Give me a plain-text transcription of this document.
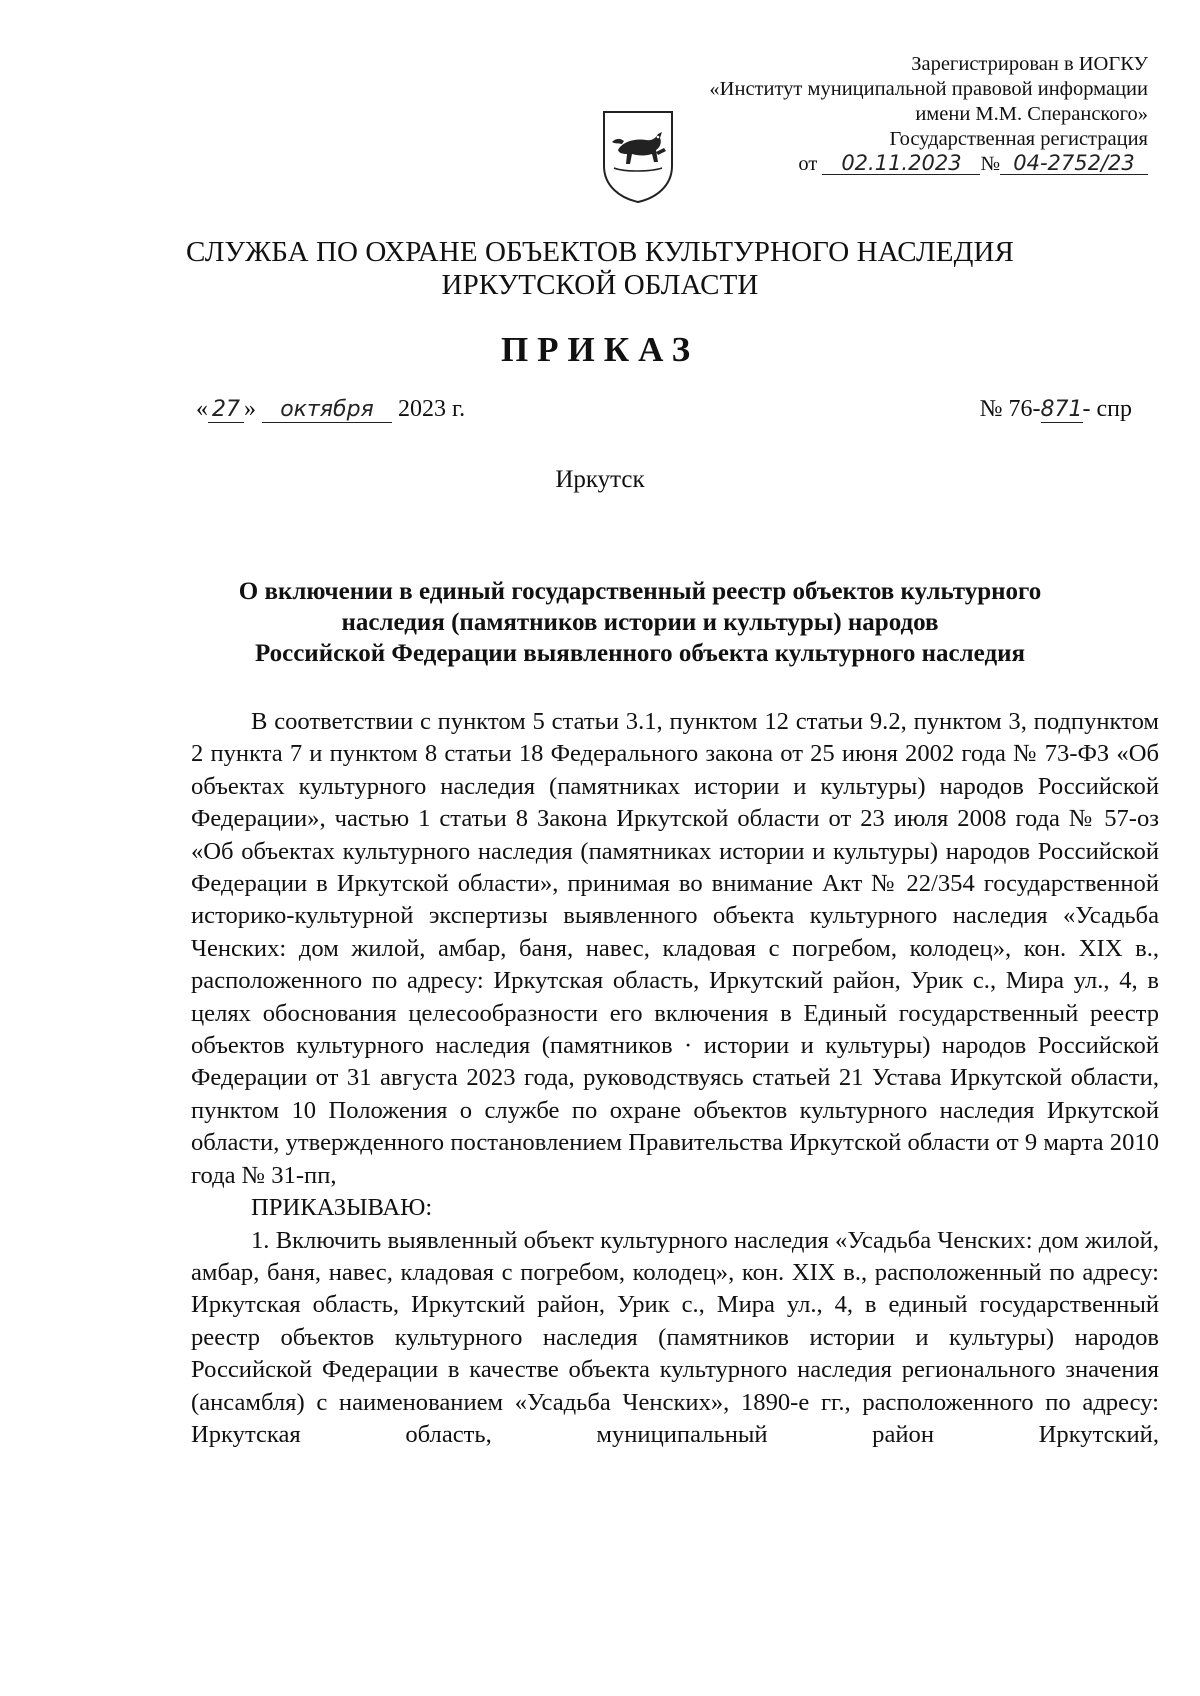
Зарегистрирован в ИОГКУ
«Институт муниципальной правовой информации
имени М.М. Сперанского»
Государственная регистрация
от 02.11.2023 № 04-2752/23
СЛУЖБА ПО ОХРАНЕ ОБЪЕКТОВ КУЛЬТУРНОГО НАСЛЕДИЯ
ИРКУТСКОЙ ОБЛАСТИ
ПРИКАЗ
« 27 » октября 2023 г.	№ 76-871- спр
Иркутск
О включении в единый государственный реестр объектов культурного
наследия (памятников истории и культуры) народов
Российской Федерации выявленного объекта культурного наследия

В соответствии с пунктом 5 статьи 3.1, пунктом 12 статьи 9.2, пунктом 3, подпунктом 2 пункта 7 и пунктом 8 статьи 18 Федерального закона от 25 июня 2002 года № 73-ФЗ «Об объектах культурного наследия (памятниках истории и культуры) народов Российской Федерации», частью 1 статьи 8 Закона Иркутской области от 23 июля 2008 года № 57-оз «Об объектах культурного наследия (памятниках истории и культуры) народов Российской Федерации в Иркутской области», принимая во внимание Акт № 22/354 государственной историко-культурной экспертизы выявленного объекта культурного наследия «Усадьба Ченских: дом жилой, амбар, баня, навес, кладовая с погребом, колодец», кон. XIX в., расположенного по адресу: Иркутская область, Иркутский район, Урик с., Мира ул., 4, в целях обоснования целесообразности его включения в Единый государственный реестр объектов культурного наследия (памятников · истории и культуры) народов Российской Федерации от 31 августа 2023 года, руководствуясь статьей 21 Устава Иркутской области, пунктом 10 Положения о службе по охране объектов культурного наследия Иркутской области, утвержденного постановлением Правительства Иркутской области от 9 марта 2010 года № 31-пп,

ПРИКАЗЫВАЮ:

1. Включить выявленный объект культурного наследия «Усадьба Ченских: дом жилой, амбар, баня, навес, кладовая с погребом, колодец», кон. XIX в., расположенный по адресу: Иркутская область, Иркутский район, Урик с., Мира ул., 4, в единый государственный реестр объектов культурного наследия (памятников истории и культуры) народов Российской Федерации в качестве объекта культурного наследия регионального значения (ансамбля) с наименованием «Усадьба Ченских», 1890-е гг., расположенного по адресу: Иркутская область, муниципальный район Иркутский,
